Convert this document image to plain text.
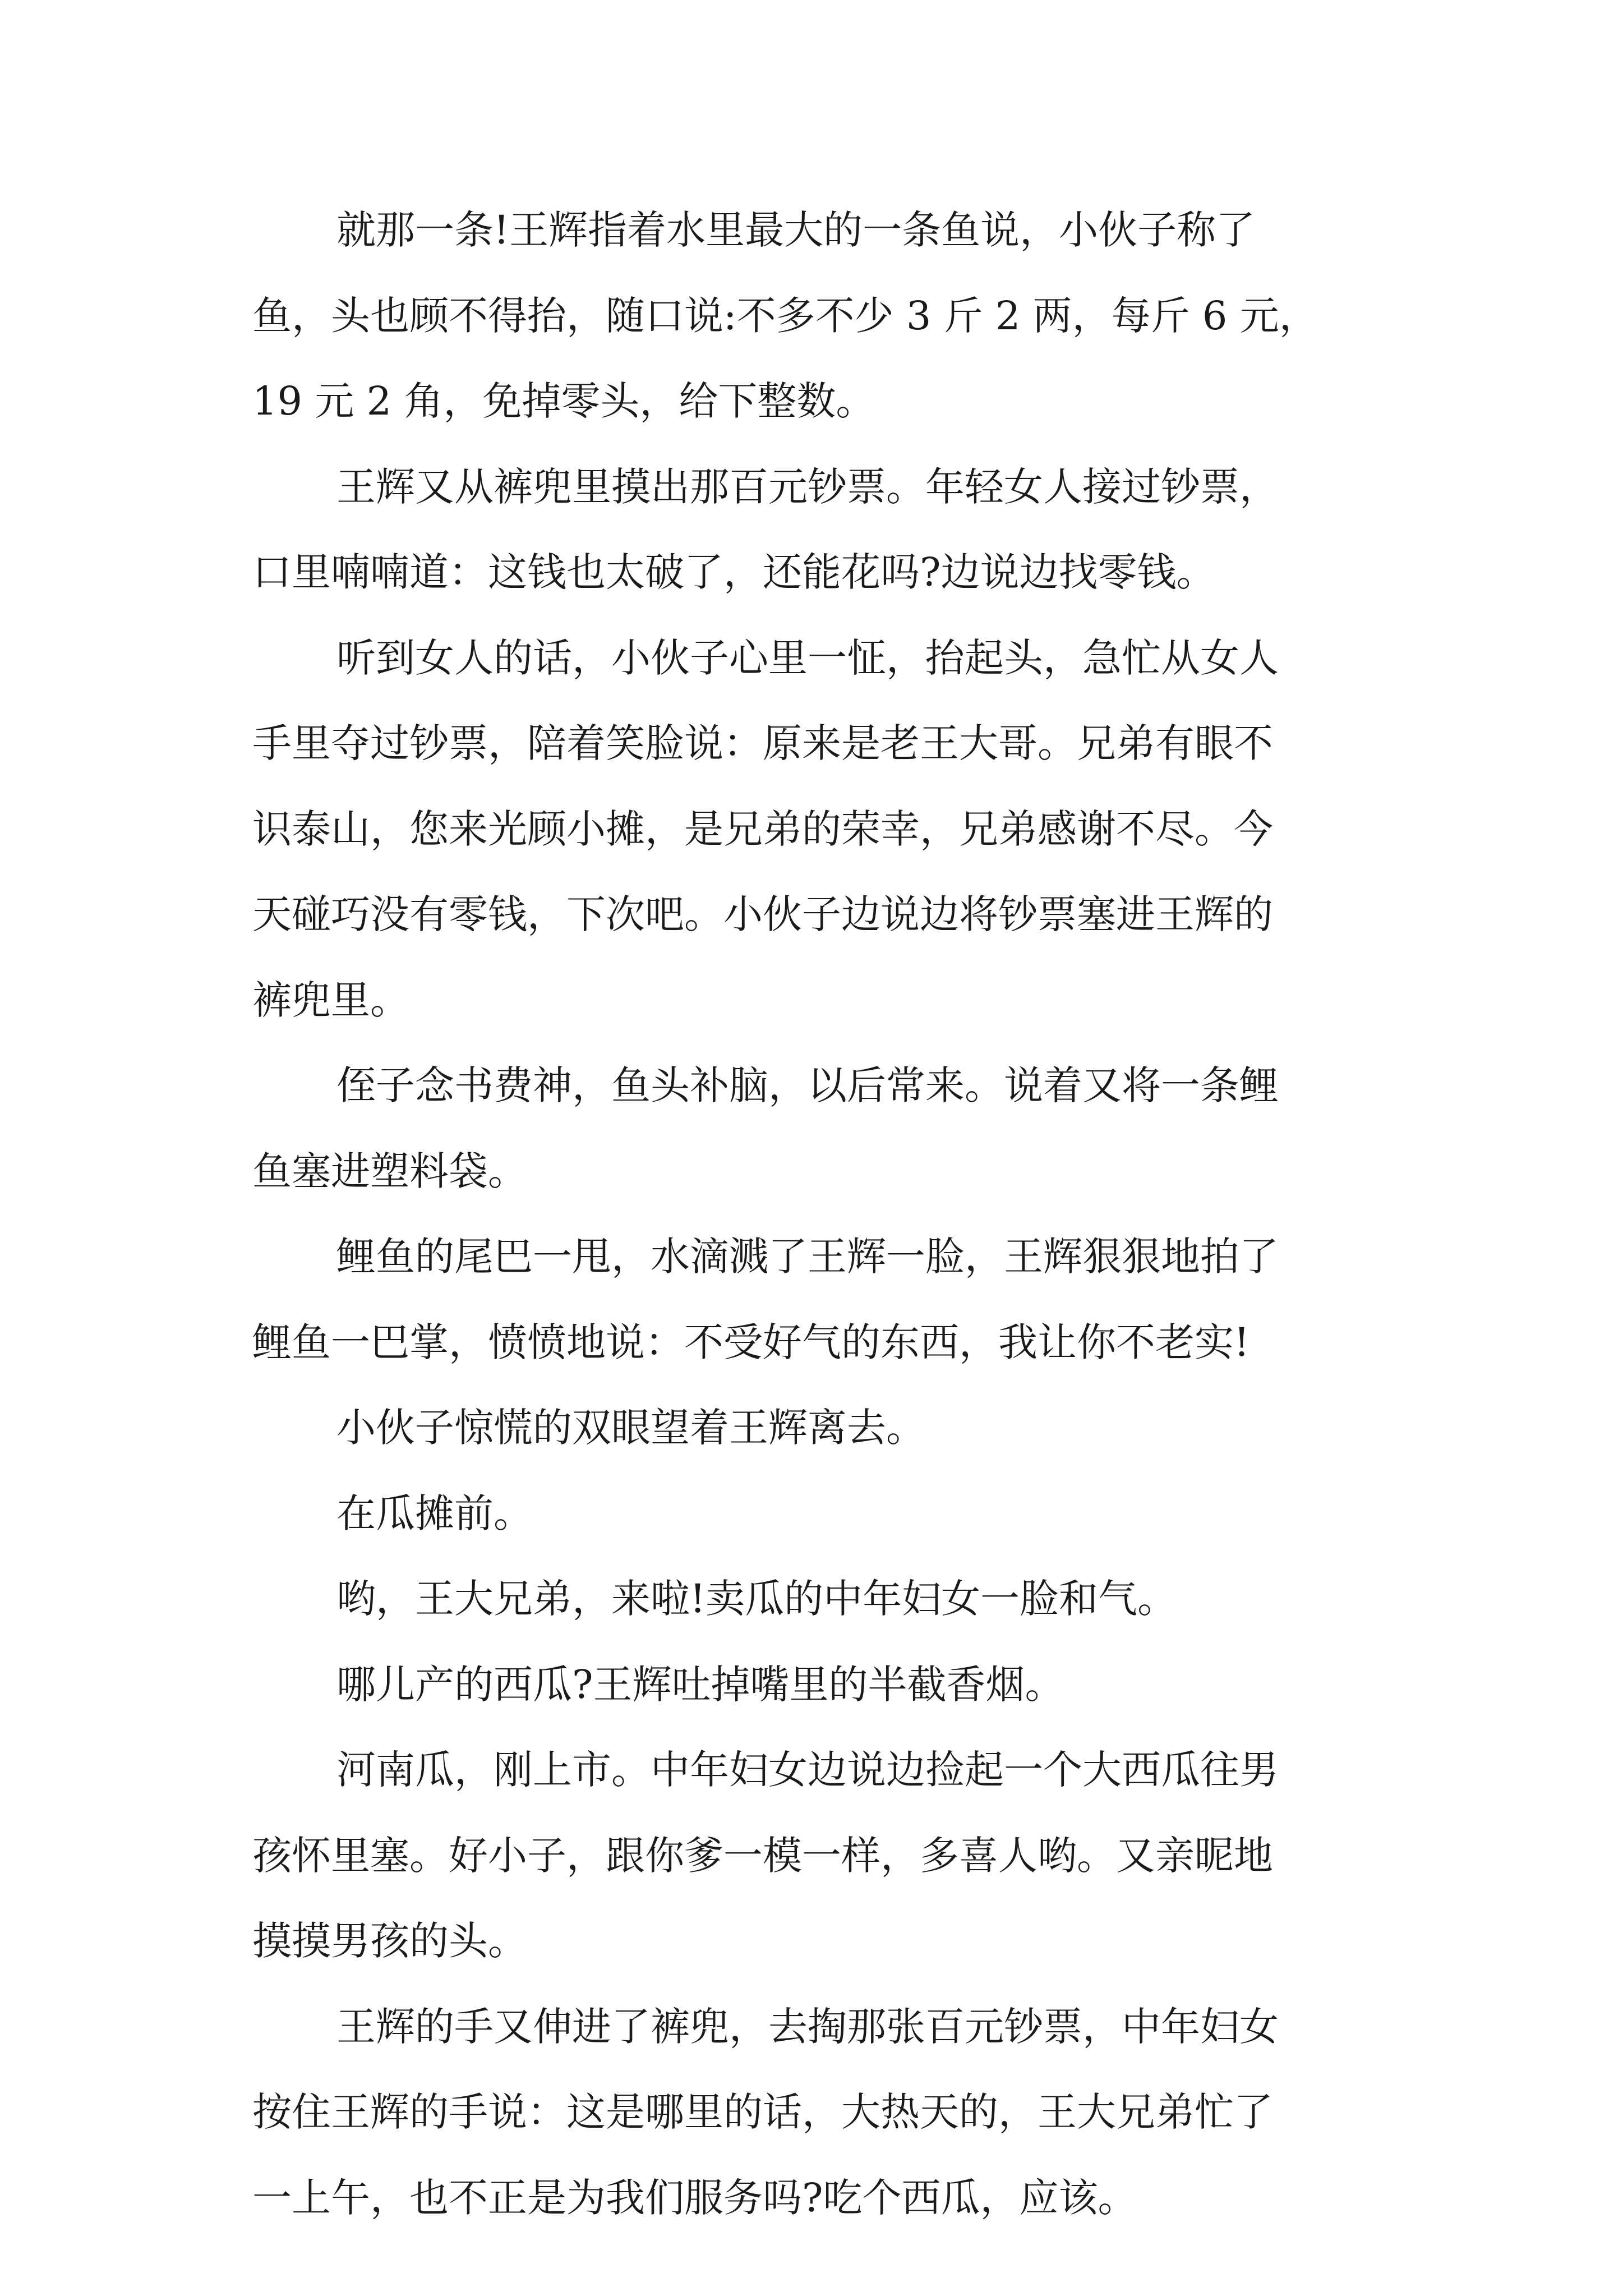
就那一条!王辉指着水里最大的一条鱼说，小伙子称了
鱼，头也顾不得抬，随口说:不多不少 3 斤 2 两，每斤 6 元，
19 元 2 角，免掉零头，给下整数。
王辉又从裤兜里摸出那百元钞票。年轻女人接过钞票，
口里喃喃道：这钱也太破了，还能花吗?边说边找零钱。
听到女人的话，小伙子心里一怔，抬起头，急忙从女人
手里夺过钞票，陪着笑脸说：原来是老王大哥。兄弟有眼不
识泰山，您来光顾小摊，是兄弟的荣幸，兄弟感谢不尽。今
天碰巧没有零钱，下次吧。小伙子边说边将钞票塞进王辉的
裤兜里。
侄子念书费神，鱼头补脑，以后常来。说着又将一条鲤
鱼塞进塑料袋。
鲤鱼的尾巴一甩，水滴溅了王辉一脸，王辉狠狠地拍了
鲤鱼一巴掌，愤愤地说：不受好气的东西，我让你不老实!
小伙子惊慌的双眼望着王辉离去。
在瓜摊前。
哟，王大兄弟，来啦!卖瓜的中年妇女一脸和气。
哪儿产的西瓜?王辉吐掉嘴里的半截香烟。
河南瓜，刚上市。中年妇女边说边捡起一个大西瓜往男
孩怀里塞。好小子，跟你爹一模一样，多喜人哟。又亲昵地
摸摸男孩的头。
王辉的手又伸进了裤兜，去掏那张百元钞票，中年妇女
按住王辉的手说：这是哪里的话，大热天的，王大兄弟忙了
一上午，也不正是为我们服务吗?吃个西瓜，应该。
